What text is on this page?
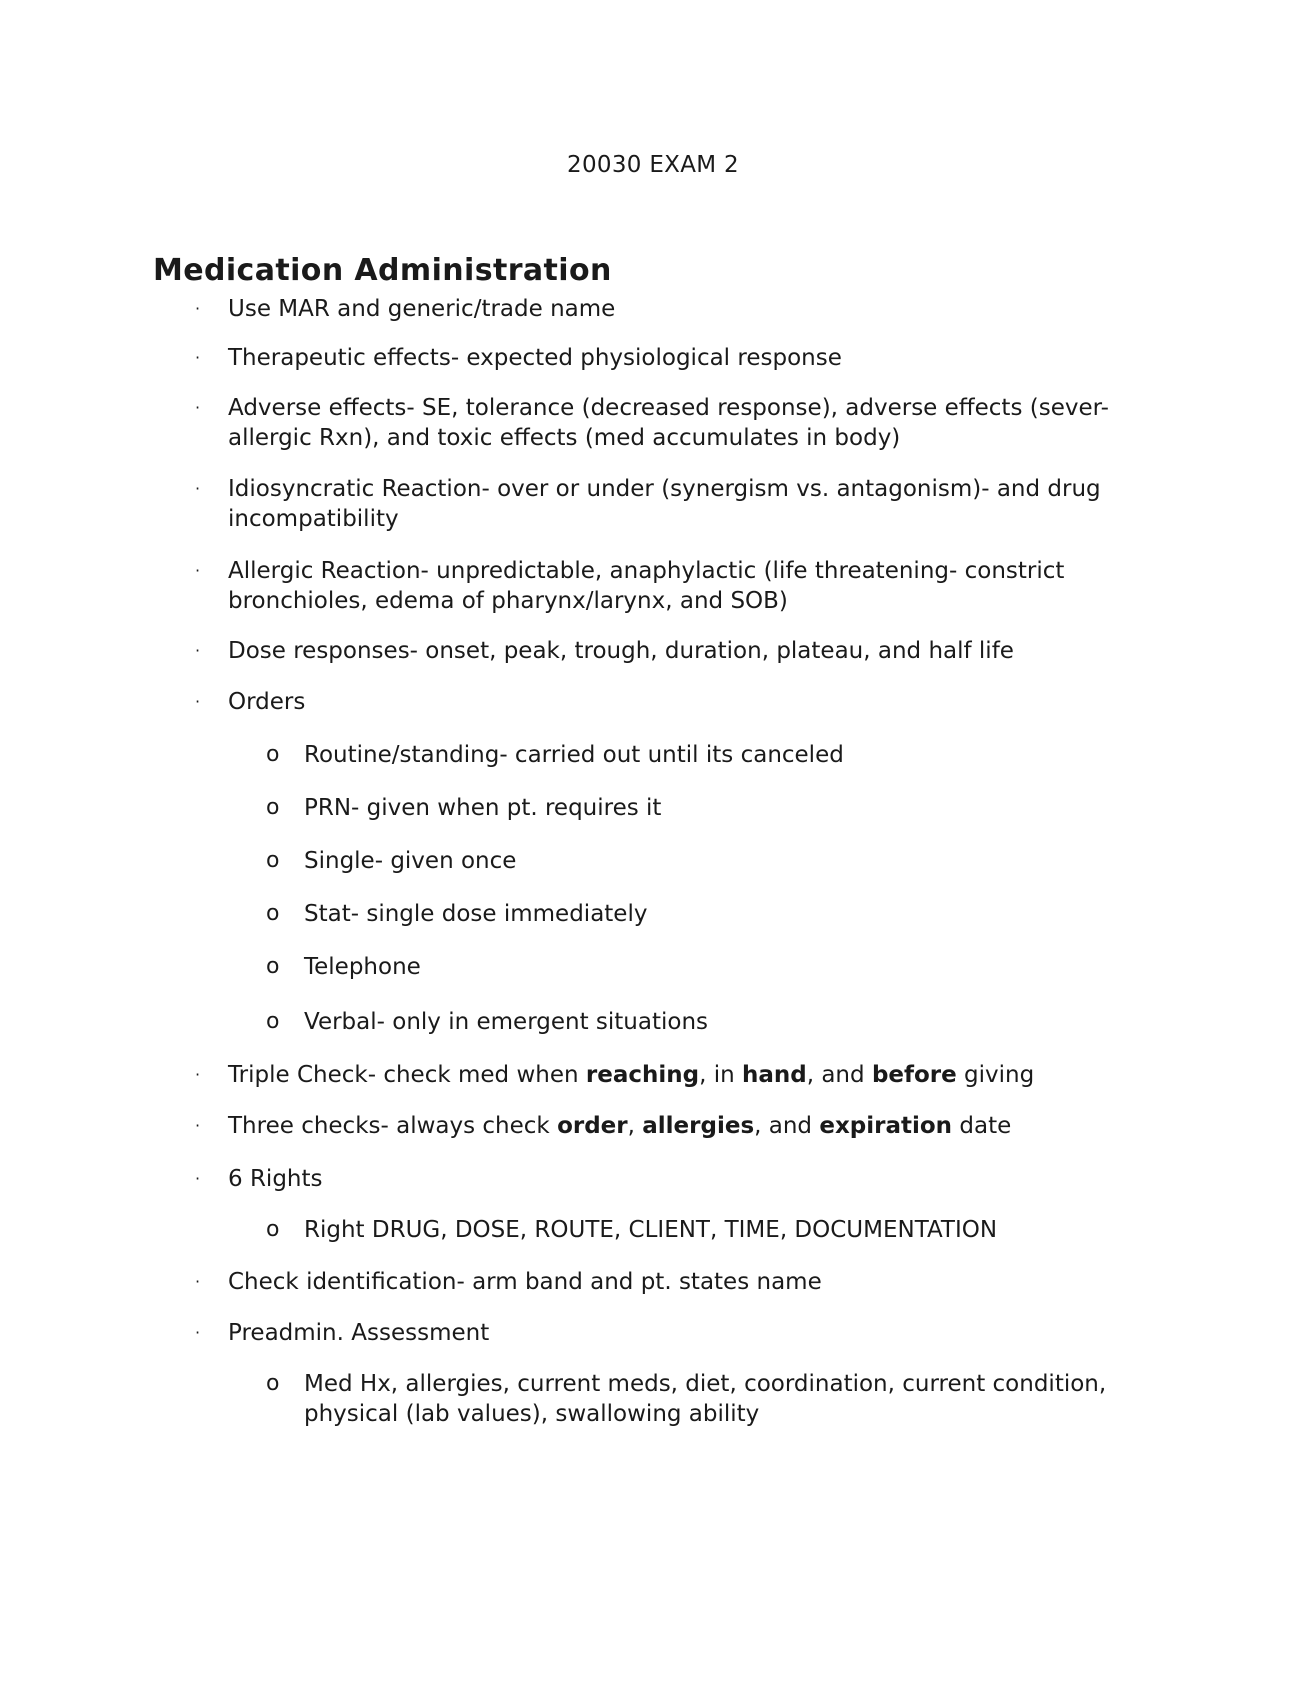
20030 EXAM 2
Medication Administration
· Use MAR and generic/trade name
· Therapeutic effects- expected physiological response
· Adverse effects- SE, tolerance (decreased response), adverse effects (sever-allergic Rxn), and toxic effects (med accumulates in body)
· Idiosyncratic Reaction- over or under (synergism vs. antagonism)- and drug incompatibility
· Allergic Reaction- unpredictable, anaphylactic (life threatening- constrict bronchioles, edema of pharynx/larynx, and SOB)
· Dose responses- onset, peak, trough, duration, plateau, and half life
· Orders
o Routine/standing- carried out until its canceled
o PRN- given when pt. requires it
o Single- given once
o Stat- single dose immediately
o Telephone
o Verbal- only in emergent situations
· Triple Check- check med when reaching, in hand, and before giving
· Three checks- always check order, allergies, and expiration date
· 6 Rights
o Right DRUG, DOSE, ROUTE, CLIENT, TIME, DOCUMENTATION
· Check identification- arm band and pt. states name
· Preadmin. Assessment
o Med Hx, allergies, current meds, diet, coordination, current condition, physical (lab values), swallowing ability
